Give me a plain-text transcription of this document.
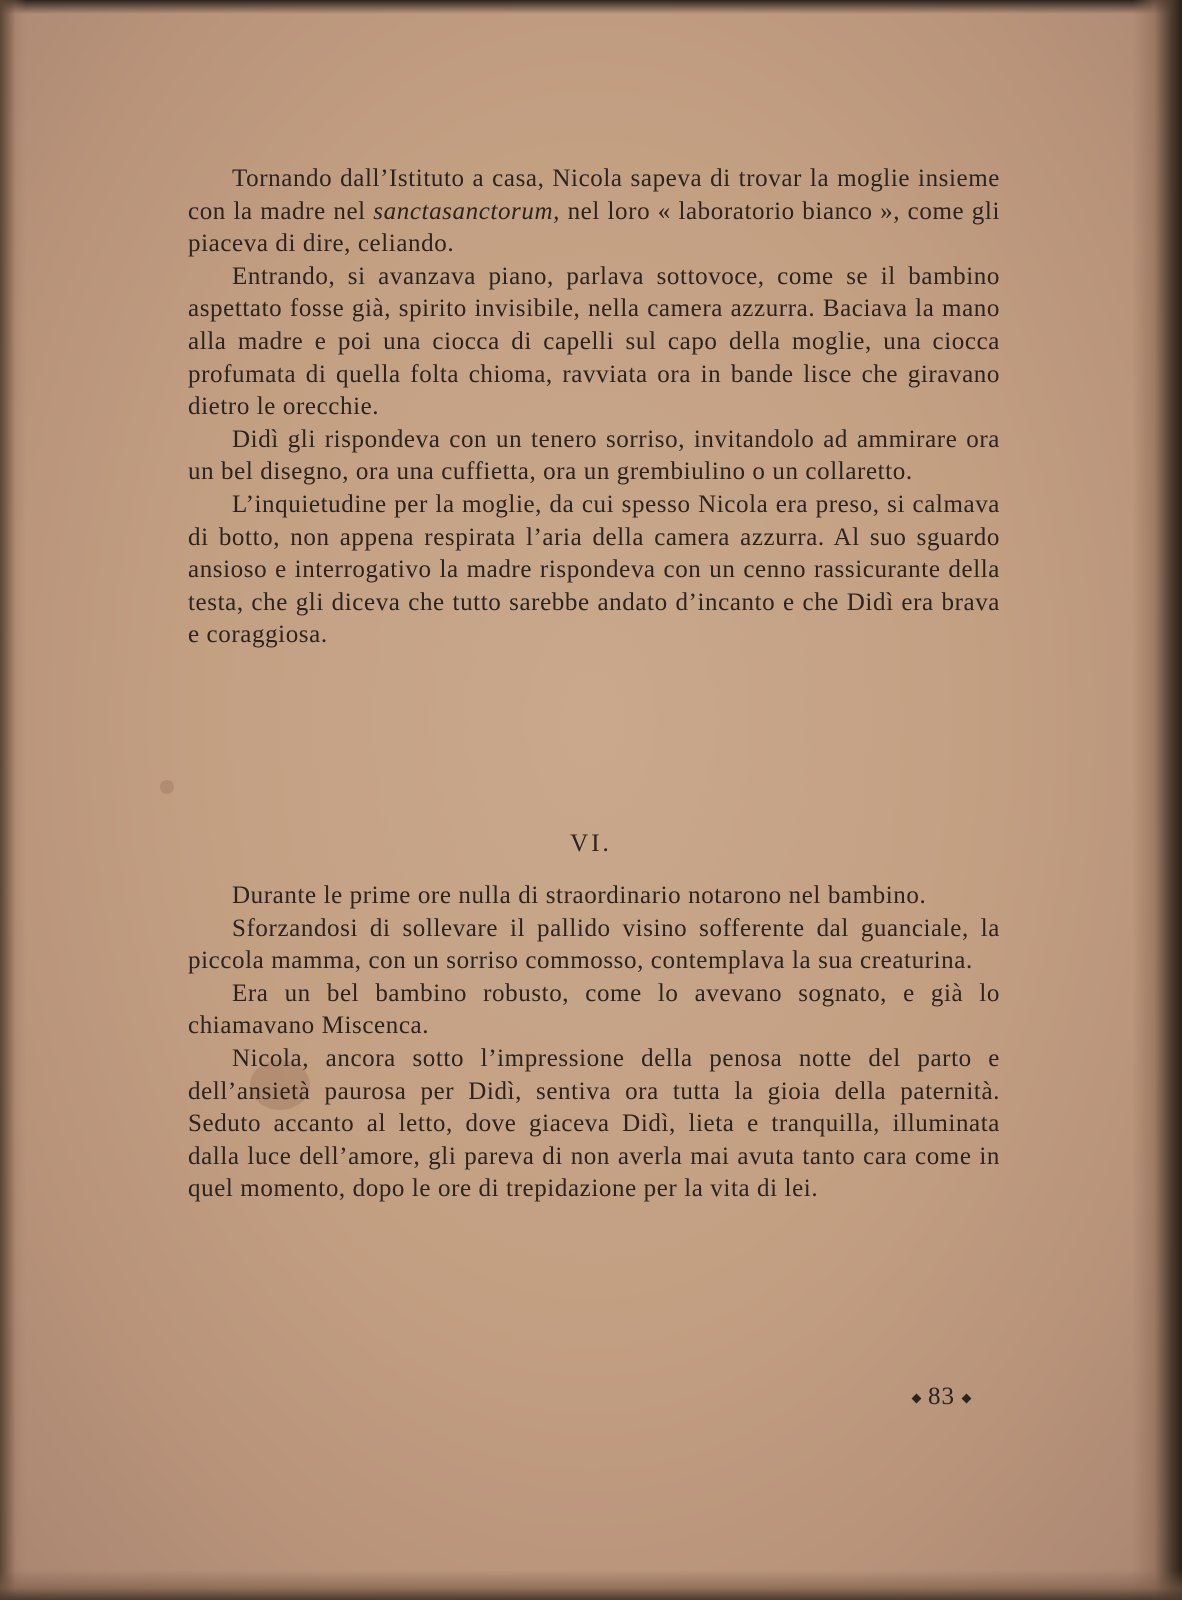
Tornando dall’Istituto a casa, Nicola sapeva di trovar la moglie insieme con la madre nel sanctasanctorum, nel loro « laboratorio bianco », come gli piaceva di dire, celiando.

Entrando, si avanzava piano, parlava sottovoce, come se il bambino aspettato fosse già, spirito invisibile, nella camera azzurra. Baciava la mano alla madre e poi una ciocca di capelli sul capo della moglie, una ciocca profumata di quella folta chioma, ravviata ora in bande lisce che giravano dietro le orecchie.

Didì gli rispondeva con un tenero sorriso, invitandolo ad ammirare ora un bel disegno, ora una cuffietta, ora un grembiulino o un collaretto.

L’inquietudine per la moglie, da cui spesso Nicola era preso, si calmava di botto, non appena respirata l’aria della camera azzurra. Al suo sguardo ansioso e interrogativo la madre rispondeva con un cenno rassicurante della testa, che gli diceva che tutto sarebbe andato d’incanto e che Didì era brava e coraggiosa.

VI.

Durante le prime ore nulla di straordinario notarono nel bambino.

Sforzandosi di sollevare il pallido visino sofferente dal guanciale, la piccola mamma, con un sorriso commosso, contemplava la sua creaturina.

Era un bel bambino robusto, come lo avevano sognato, e già lo chiamavano Miscenca.

Nicola, ancora sotto l’impressione della penosa notte del parto e dell’ansietà paurosa per Didì, sentiva ora tutta la gioia della paternità. Seduto accanto al letto, dove giaceva Didì, lieta e tranquilla, illuminata dalla luce dell’amore, gli pareva di non averla mai avuta tanto cara come in quel momento, dopo le ore di trepidazione per la vita di lei.

83
